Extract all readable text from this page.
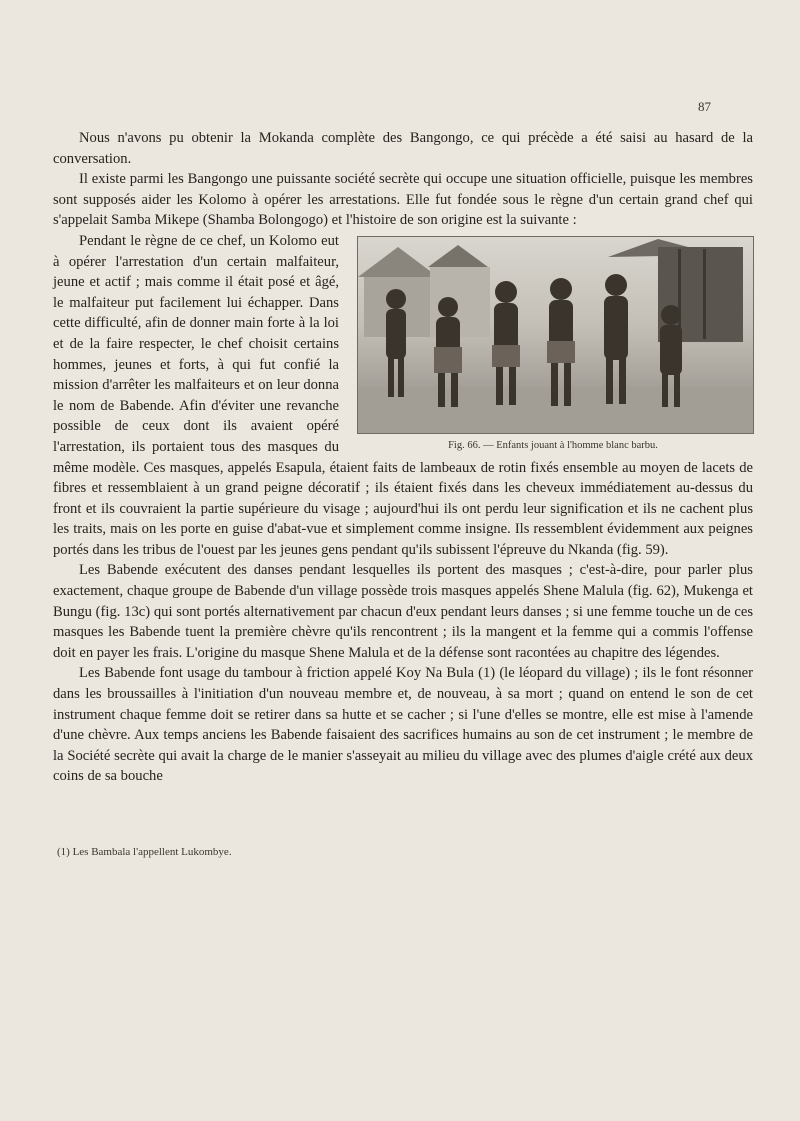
87

Nous n'avons pu obtenir la Mokanda complète des Bangongo, ce qui précède a été saisi au hasard de la conversation.

Il existe parmi les Bangongo une puissante société secrète qui occupe une situation officielle, puisque les membres sont supposés aider les Kolomo à opérer les arrestations. Elle fut fondée sous le règne d'un certain grand chef qui s'appelait Samba Mikepe (Shamba Bolongogo) et l'histoire de son origine est la suivante :

Fig. 66. — Enfants jouant à l'homme blanc barbu.

Pendant le règne de ce chef, un Kolomo eut à opérer l'arrestation d'un certain malfaiteur, jeune et actif ; mais comme il était posé et âgé, le malfaiteur put facilement lui échapper. Dans cette difficulté, afin de donner main forte à la loi et de la faire respecter, le chef choisit certains hommes, jeunes et forts, à qui fut confié la mission d'arrêter les malfaiteurs et on leur donna le nom de Babende. Afin d'éviter une revanche possible de ceux dont ils avaient opéré l'arrestation, ils portaient tous des masques du même modèle. Ces masques, appelés Esapula, étaient faits de lambeaux de rotin fixés ensemble au moyen de lacets de fibres et ressemblaient à un grand peigne décoratif ; ils étaient fixés dans les cheveux immédiatement au-dessus du front et ils couvraient la partie supérieure du visage ; aujourd'hui ils ont perdu leur signification et ils ne cachent plus les traits, mais on les porte en guise d'abat-vue et simplement comme insigne. Ils ressemblent évidemment aux peignes portés dans les tribus de l'ouest par les jeunes gens pendant qu'ils subissent l'épreuve du Nkanda (fig. 59).

Les Babende exécutent des danses pendant lesquelles ils portent des masques ; c'est-à-dire, pour parler plus exactement, chaque groupe de Babende d'un village possède trois masques appelés Shene Malula (fig. 62), Mukenga et Bungu (fig. 13c) qui sont portés alternativement par chacun d'eux pendant leurs danses ; si une femme touche un de ces masques les Babende tuent la première chèvre qu'ils rencontrent ; ils la mangent et la femme qui a commis l'offense doit en payer les frais. L'origine du masque Shene Malula et de la défense sont racontées au chapitre des légendes.

Les Babende font usage du tambour à friction appelé Koy Na Bula (1) (le léopard du village) ; ils le font résonner dans les broussailles à l'initiation d'un nouveau membre et, de nouveau, à sa mort ; quand on entend le son de cet instrument chaque femme doit se retirer dans sa hutte et se cacher ; si l'une d'elles se montre, elle est mise à l'amende d'une chèvre. Aux temps anciens les Babende faisaient des sacrifices humains au son de cet instrument ; le membre de la Société secrète qui avait la charge de le manier s'asseyait au milieu du village avec des plumes d'aigle crété aux deux coins de sa bouche

(1) Les Bambala l'appellent Lukombye.
